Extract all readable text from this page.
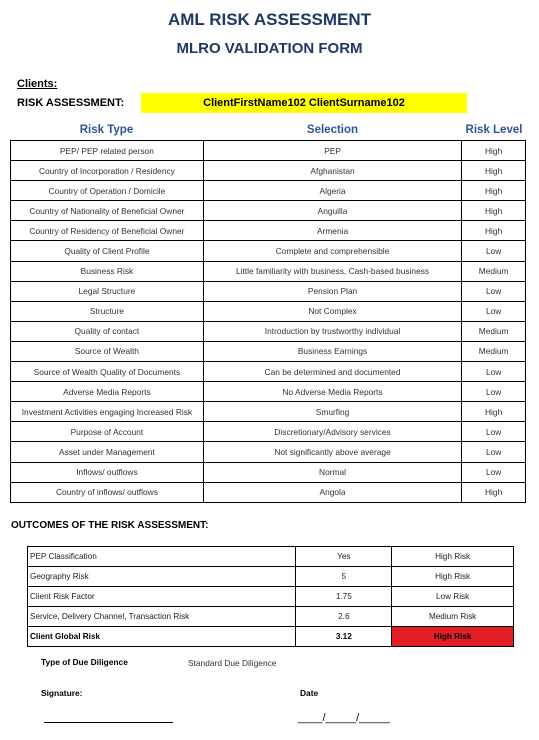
AML RISK ASSESSMENT
MLRO VALIDATION FORM
Clients:
RISK ASSESSMENT:	ClientFirstName102 ClientSurname102
Risk Type	Selection	Risk Level
PEP/ PEP related person	PEP	High
Country of Incorporation / Residency	Afghanistan	High
Country of Operation / Domicile	Algeria	High
Country of Nationality of Beneficial Owner	Anguilla	High
Country of Residency of Beneficial Owner	Armenia	High
Quality of Client Profile	Complete and comprehensible	Low
Business Risk	Little familiarity with business, Cash-based business	Medium
Legal Structure	Pension Plan	Low
Structure	Not Complex	Low
Quality of contact	Introduction by trustworthy individual	Medium
Source of Wealth	Business Earnings	Medium
Source of Wealth Quality of Documents	Can be determined and documented	Low
Adverse Media Reports	No Adverse Media Reports	Low
Investment Activities engaging Increased Risk	Smurfing	High
Purpose of Account	Discretionary/Advisory services	Low
Asset under Management	Not significantly above average	Low
Inflows/ outflows	Normal	Low
Country of inflows/ outflows	Angola	High
OUTCOMES OF THE RISK ASSESSMENT:
PEP Classification	Yes	High Risk
Geography Risk	5	High Risk
Client Risk Factor	1.75	Low Risk
Service, Delivery Channel, Transaction Risk	2.6	Medium Risk
Client Global Risk	3.12	High Risk
Type of Due Diligence	Standard Due Diligence
Signature:	Date
____/_____/_____
